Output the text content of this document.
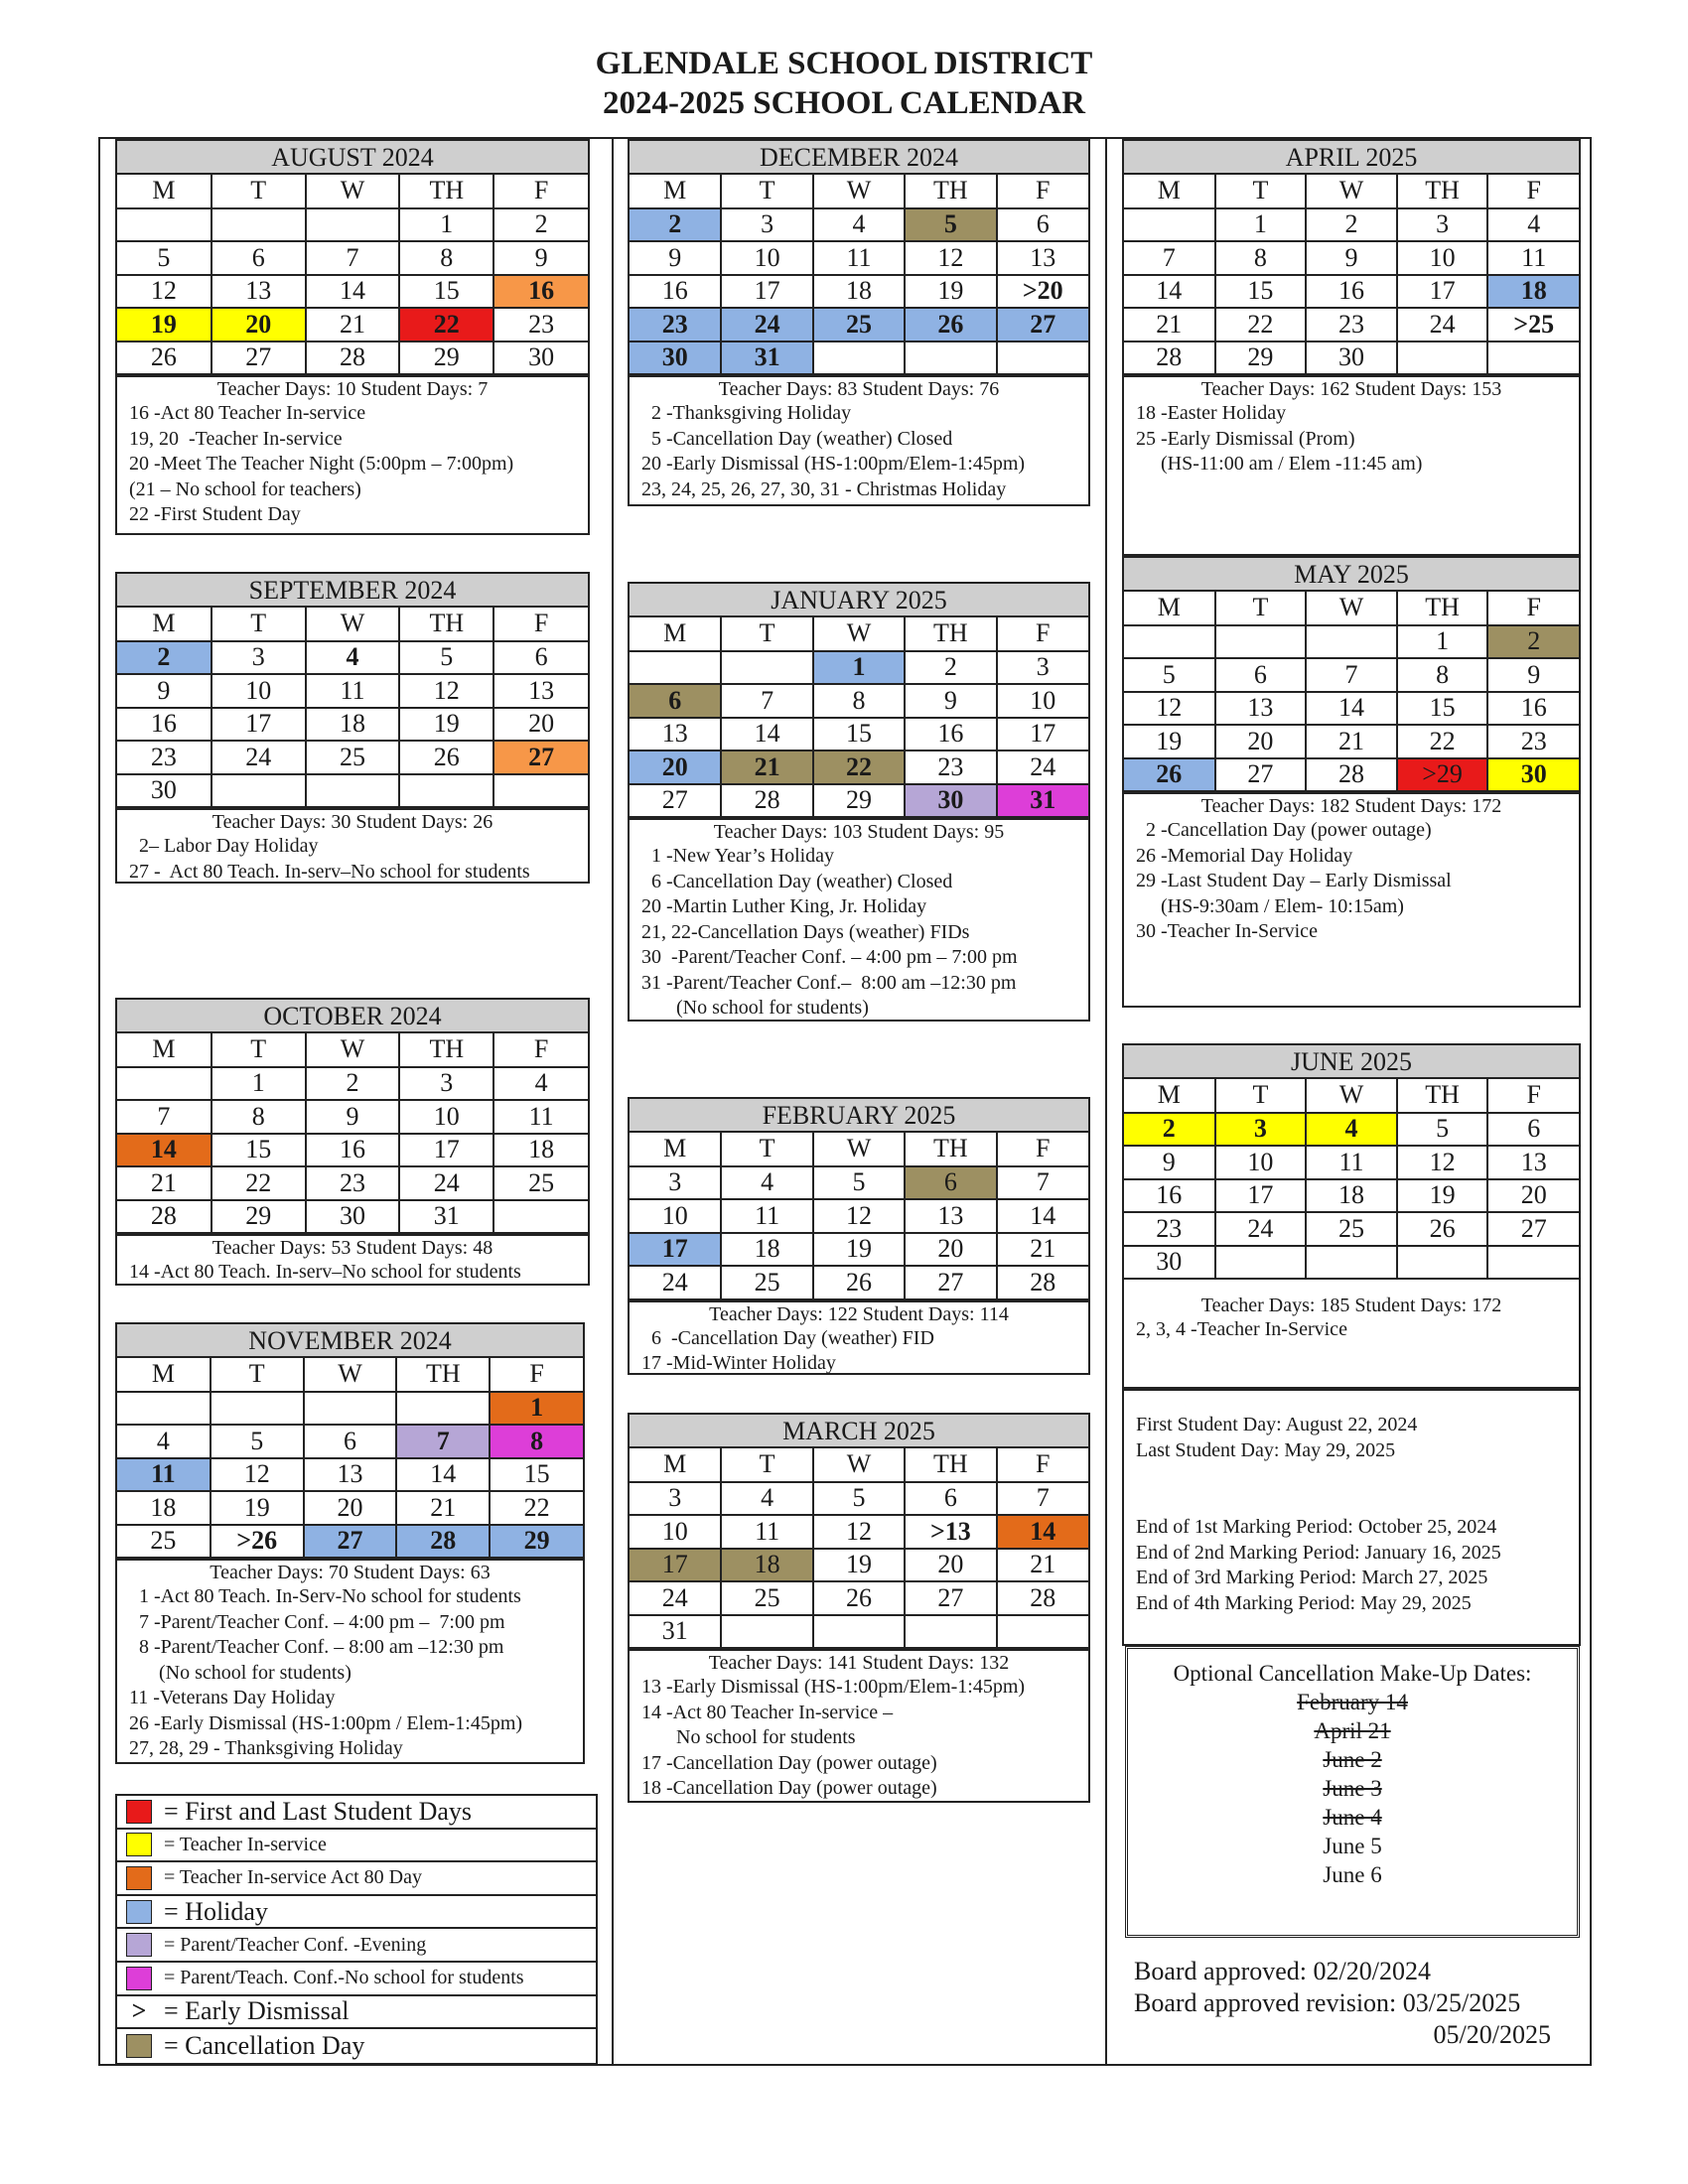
GLENDALE SCHOOL DISTRICT
2024-2025 SCHOOL CALENDAR
AUGUST 2024
M	T	W	TH	F
			1	2
5	6	7	8	9
12	13	14	15	16
19	20	21	22	23
26	27	28	29	30
Teacher Days: 10 Student Days: 7
16 -Act 80 Teacher In-service
19, 20  -Teacher In-service
20 -Meet The Teacher Night (5:00pm – 7:00pm)
(21 – No school for teachers)
22 -First Student Day
SEPTEMBER 2024
M	T	W	TH	F
2	3	4	5	6
9	10	11	12	13
16	17	18	19	20
23	24	25	26	27
30				
Teacher Days: 30 Student Days: 26
2– Labor Day Holiday
27 -  Act 80 Teach. In-serv–No school for students
OCTOBER 2024
M	T	W	TH	F
	1	2	3	4
7	8	9	10	11
14	15	16	17	18
21	22	23	24	25
28	29	30	31	
Teacher Days: 53 Student Days: 48
14 -Act 80 Teach. In-serv–No school for students
NOVEMBER 2024
M	T	W	TH	F
				1
4	5	6	7	8
11	12	13	14	15
18	19	20	21	22
25	>26	27	28	29
Teacher Days: 70 Student Days: 63
1 -Act 80 Teach. In-Serv-No school for students
7 -Parent/Teacher Conf. – 4:00 pm –  7:00 pm
8 -Parent/Teacher Conf. – 8:00 am –12:30 pm
(No school for students)
11 -Veterans Day Holiday
26 -Early Dismissal (HS-1:00pm / Elem-1:45pm)
27, 28, 29 - Thanksgiving Holiday
DECEMBER 2024
M	T	W	TH	F
2	3	4	5	6
9	10	11	12	13
16	17	18	19	>20
23	24	25	26	27
30	31			
Teacher Days: 83 Student Days: 76
2 -Thanksgiving Holiday
5 -Cancellation Day (weather) Closed
20 -Early Dismissal (HS-1:00pm/Elem-1:45pm)
23, 24, 25, 26, 27, 30, 31 - Christmas Holiday
JANUARY 2025
M	T	W	TH	F
		1	2	3
6	7	8	9	10
13	14	15	16	17
20	21	22	23	24
27	28	29	30	31
Teacher Days: 103 Student Days: 95
1 -New Year’s Holiday
6 -Cancellation Day (weather) Closed
20 -Martin Luther King, Jr. Holiday
21, 22-Cancellation Days (weather) FIDs
30  -Parent/Teacher Conf. – 4:00 pm – 7:00 pm
31 -Parent/Teacher Conf.–  8:00 am –12:30 pm
(No school for students)
FEBRUARY 2025
M	T	W	TH	F
3	4	5	6	7
10	11	12	13	14
17	18	19	20	21
24	25	26	27	28
Teacher Days: 122 Student Days: 114
6  -Cancellation Day (weather) FID
17 -Mid-Winter Holiday
MARCH 2025
M	T	W	TH	F
3	4	5	6	7
10	11	12	>13	14
17	18	19	20	21
24	25	26	27	28
31				
Teacher Days: 141 Student Days: 132
13 -Early Dismissal (HS-1:00pm/Elem-1:45pm)
14 -Act 80 Teacher In-service –
No school for students
17 -Cancellation Day (power outage)
18 -Cancellation Day (power outage)
APRIL 2025
M	T	W	TH	F
	1	2	3	4
7	8	9	10	11
14	15	16	17	18
21	22	23	24	>25
28	29	30		
Teacher Days: 162 Student Days: 153
18 -Easter Holiday
25 -Early Dismissal (Prom)
(HS-11:00 am / Elem -11:45 am)
MAY 2025
M	T	W	TH	F
			1	2
5	6	7	8	9
12	13	14	15	16
19	20	21	22	23
26	27	28	>29	30
Teacher Days: 182 Student Days: 172
2 -Cancellation Day (power outage)
26 -Memorial Day Holiday
29 -Last Student Day – Early Dismissal
(HS-9:30am / Elem- 10:15am)
30 -Teacher In-Service
JUNE 2025
M	T	W	TH	F
2	3	4	5	6
9	10	11	12	13
16	17	18	19	20
23	24	25	26	27
30				
Teacher Days: 185 Student Days: 172
2, 3, 4 -Teacher In-Service
First Student Day: August 22, 2024
Last Student Day: May 29, 2025
End of 1st Marking Period: October 25, 2024
End of 2nd Marking Period: January 16, 2025
End of 3rd Marking Period: March 27, 2025
End of 4th Marking Period: May 29, 2025
Optional Cancellation Make-Up Dates:
February 14
April 21
June 2
June 3
June 4
June 5
June 6
Board approved: 02/20/2024
Board approved revision: 03/25/2025
05/20/2025
= First and Last Student Days
= Teacher In-service
= Teacher In-service Act 80 Day
= Holiday
= Parent/Teacher Conf. -Evening
= Parent/Teach. Conf.-No school for students
> = Early Dismissal
= Cancellation Day
